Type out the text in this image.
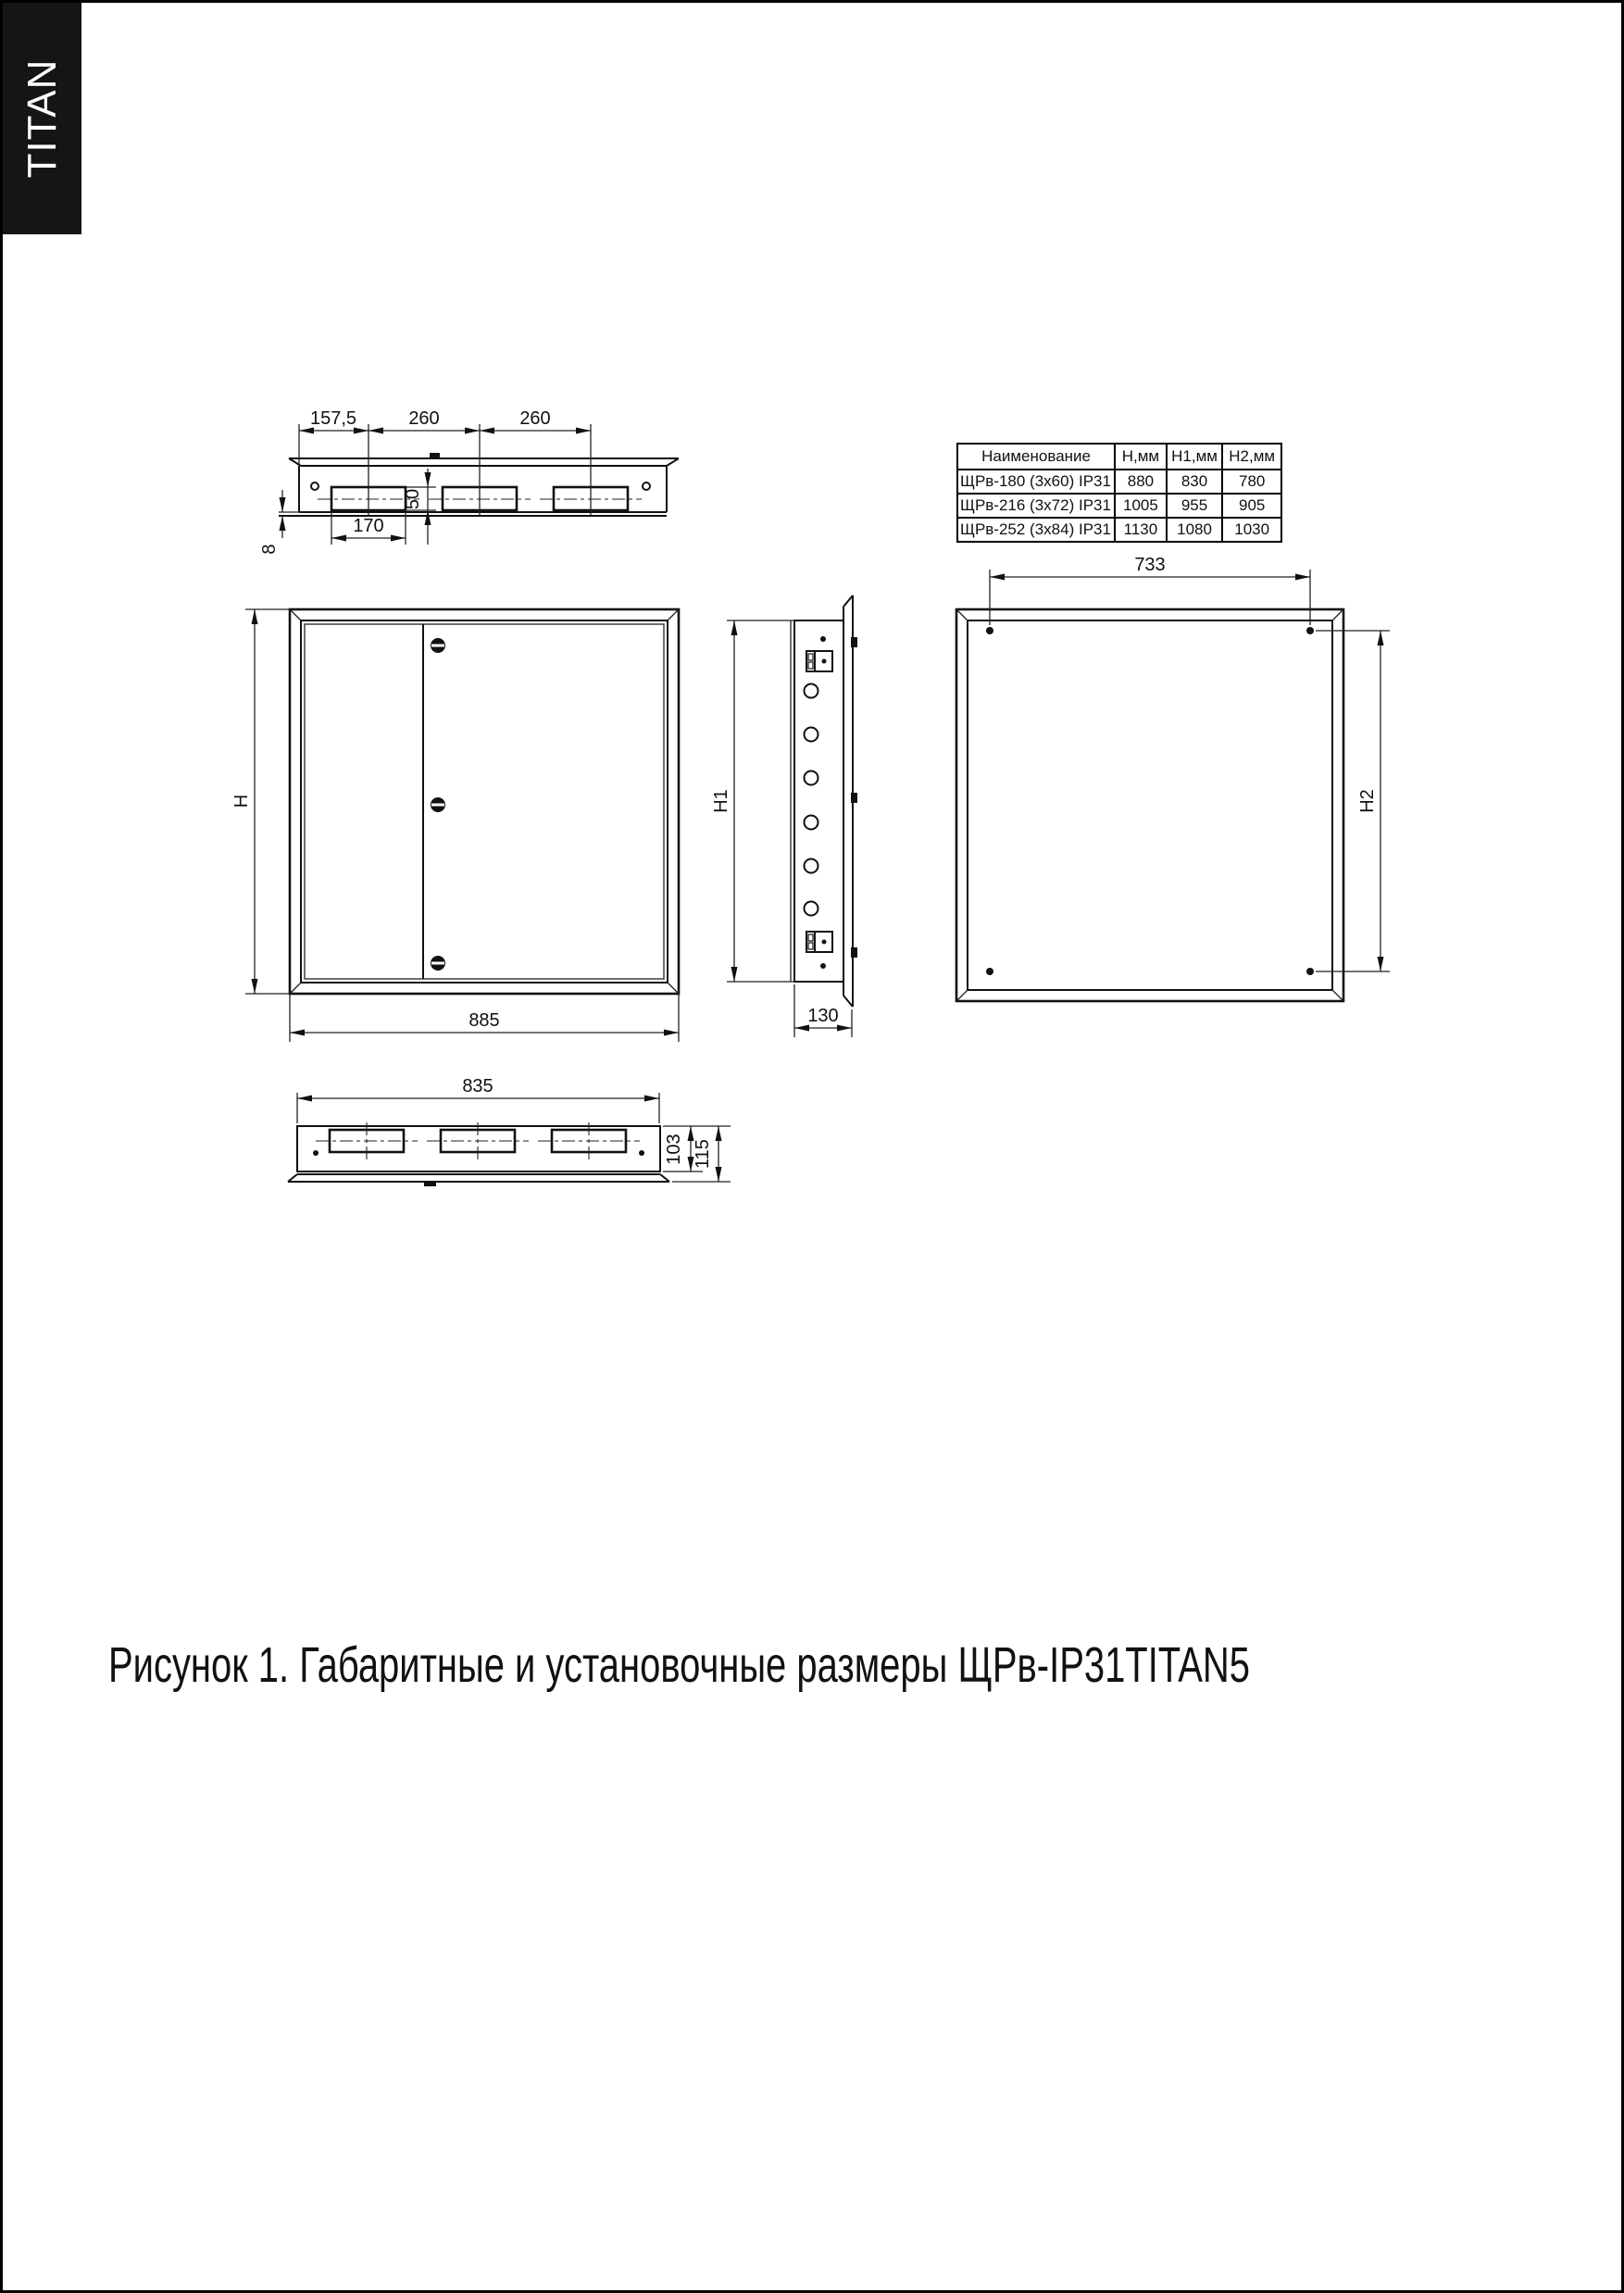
TITAN
157,5	260	260
170
50
8
Н
885
Н1
130
733
Н2
835
103 115
Наименование	Н,мм	Н1,мм	Н2,мм
ЩРв-180 (3х60) IP31	880	830	780
ЩРв-216 (3х72) IP31	1005	955	905
ЩРв-252 (3х84) IP31	1130	1080	1030
Рисунок 1. Габаритные и установочные размеры ЩРв-IP31TITAN5
